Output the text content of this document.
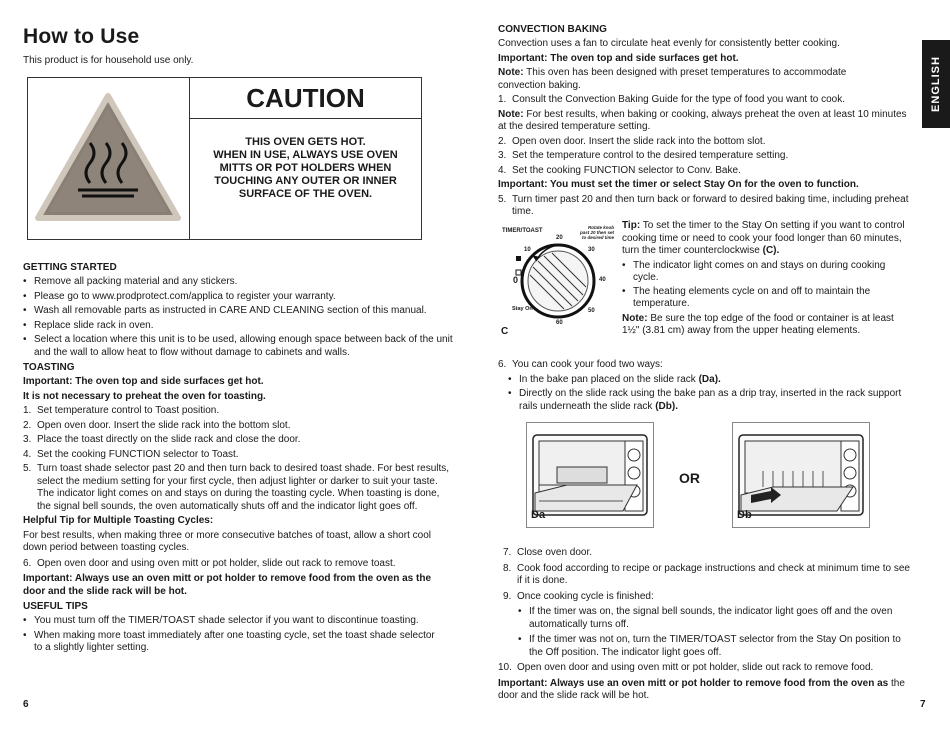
How to Use
This product is for household use only.
CAUTION
THIS OVEN GETS HOT.
WHEN IN USE, ALWAYS USE OVEN
MITTS OR POT HOLDERS WHEN
TOUCHING ANY OUTER OR INNER
SURFACE OF THE OVEN.
GETTING STARTED
• Remove all packing material and any stickers.
• Please go to www.prodprotect.com/applica to register your warranty.
• Wash all removable parts as instructed in CARE AND CLEANING section of this manual.
• Replace slide rack in oven.
• Select a location where this unit is to be used, allowing enough space between back of the unit and the wall to allow heat to flow without damage to cabinets and walls.
TOASTING
Important: The oven top and side surfaces get hot.
It is not necessary to preheat the oven for toasting.
1. Set temperature control to Toast position.
2. Open oven door. Insert the slide rack into the bottom slot.
3. Place the toast directly on the slide rack and close the door.
4. Set the cooking FUNCTION selector to Toast.
5. Turn toast shade selector past 20 and then turn back to desired toast shade. For best results, select the medium setting for your first cycle, then adjust lighter or darker to suit your taste. The indicator light comes on and stays on during the toasting cycle. When toasting is done, the signal bell sounds, the oven automatically shuts off and the indicator light goes off.
Helpful Tip for Multiple Toasting Cycles:
For best results, when making three or more consecutive batches of toast, allow a short cool down period between toasting cycles.
6. Open oven door and using oven mitt or pot holder, slide out rack to remove toast.
Important: Always use an oven mitt or pot holder to remove food from the oven as the door and the slide rack will be hot.
USEFUL TIPS
• You must turn off the TIMER/TOAST shade selector if you want to discontinue toasting.
• When making more toast immediately after one toasting cycle, set the toast shade selector to a slightly lighter setting.
6
ENGLISH
CONVECTION BAKING
Convection uses a fan to circulate heat evenly for consistently better cooking.
Important: The oven top and side surfaces get hot.
Note: This oven has been designed with preset temperatures to accommodate convection baking.
1. Consult the Convection Baking Guide for the type of food you want to cook.
Note: For best results, when baking or cooking, always preheat the oven at least 10 minutes at the desired temperature setting.
2. Open oven door. Insert the slide rack into the bottom slot.
3. Set the temperature control to the desired temperature setting.
4. Set the cooking FUNCTION selector to Conv. Bake.
Important: You must set the timer or select Stay On for the oven to function.
5. Turn timer past 20 and then turn back or forward to desired baking time, including preheat time.
TIMER/TOAST
Rotate knob past 20 then set to desired time
10
20
30
40
50
60
0
Stay On
C
Tip: To set the timer to the Stay On setting if you want to control cooking time or need to cook your food longer than 60 minutes, turn the timer counterclockwise (C).
• The indicator light comes on and stays on during cooking cycle.
• The heating elements cycle on and off to maintain the temperature.
Note: Be sure the top edge of the food or container is at least 1½" (3.81 cm) away from the upper heating elements.
6. You can cook your food two ways:
• In the bake pan placed on the slide rack (Da).
• Directly on the slide rack using the bake pan as a drip tray, inserted in the rack support rails underneath the slide rack (Db).
Da
OR
Db
7. Close oven door.
8. Cook food according to recipe or package instructions and check at minimum time to see if it is done.
9. Once cooking cycle is finished:
• If the timer was on, the signal bell sounds, the indicator light goes off and the oven automatically turns off.
• If the timer was not on, turn the TIMER/TOAST selector from the Stay On position to the Off position. The indicator light goes off.
10. Open oven door and using oven mitt or pot holder, slide out rack to remove food.
Important: Always use an oven mitt or pot holder to remove food from the oven as the door and the slide rack will be hot.
7
